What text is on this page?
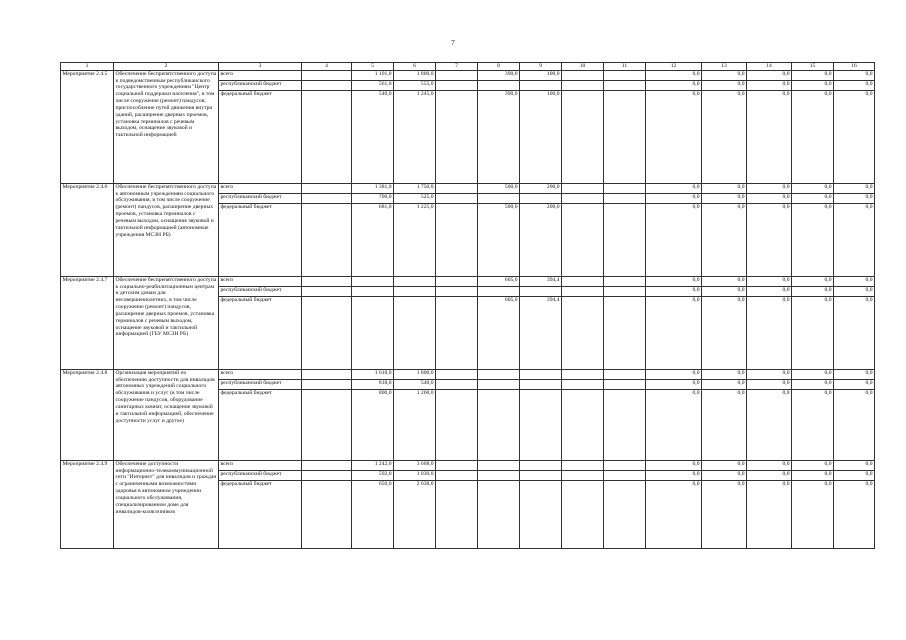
7
1	2	3	4	5	6	7	8	9	10	11	12	13	14	15	16
Мероприятие 2.4.5	Обеспечение беспрепятственного доступа к подведомственным республиканского государственного учреждениям "Центр социальной поддержки населения", в том числе сооружение (ремонт) пандусов, приспособление путей движения внутри зданий, расширение дверных проемов, установка терминалов с речевым выходом, оснащение звуковой и тактильной информацией	всего		1 101,0	1 800,0		390,0	100,0			0,0	0,0	0,0	0,0	0,0
		республиканский бюджет		561,0	555,0						0,0	0,0	0,0	0,0	0,0
		федеральный бюджет		540,0	1 245,0		390,0	100,0			0,0	0,0	0,0	0,0	0,0
Мероприятие 2.4.6	Обеспечение беспрепятственного доступа к автономным учреждениям социального обслуживания, в том числе сооружение (ремонт) пандусов, расширение дверных проемов, установка терминалов с речевым выходом, оснащение звуковой и тактильной информацией (автономные учреждения МСЗН РБ)	всего		1 381,0	1 750,0		500,0	200,0			0,0	0,0	0,0	0,0	0,0
		республиканский бюджет		700,0	525,0						0,0	0,0	0,0	0,0	0,0
		федеральный бюджет		681,0	1 225,0		500,0	200,0			0,0	0,0	0,0	0,0	0,0
Мероприятие 2.4.7	Обеспечение беспрепятственного доступа к социально-реабилитационным центрам и детским домам для несовершеннолетних, в том числе сооружение (ремонт) пандусов, расширение дверных проемов, установка терминалов с речевым выходом, оснащение звуковой и тактильной информацией (ГБУ МСЗН РБ)	всего					605,0	394,4			0,0	0,0	0,0	0,0	0,0
		республиканский бюджет									0,0	0,0	0,0	0,0	0,0
		федеральный бюджет					605,0	394,4			0,0	0,0	0,0	0,0	0,0
Мероприятие 2.4.8	Организация мероприятий по обеспечению доступности для инвалидов автономных учреждений социального обслуживания и услуг (в том числе сооружение пандусов, оборудование санитарных комнат, оснащение звуковой и тактильной информацией, обеспечение доступности услуг и другое)	всего		1 618,0	1 800,0						0,0	0,0	0,0	0,0	0,0
		республиканский бюджет		818,0	540,0						0,0	0,0	0,0	0,0	0,0
		федеральный бюджет		800,0	1 260,0						0,0	0,0	0,0	0,0	0,0
Мероприятие 2.4.9	Обеспечение доступности информационно-телекоммуникационной сети "Интернет" для инвалидов и граждан с ограниченными возможностями здоровья в автономном учреждении социального обслуживания, специализированном доме для инвалидов-колясочников	всего		1 242,0	3 668,0						0,0	0,0	0,0	0,0	0,0
		республиканский бюджет		592,0	1 030,0						0,0	0,0	0,0	0,0	0,0
		федеральный бюджет		650,0	2 638,0						0,0	0,0	0,0	0,0	0,0
